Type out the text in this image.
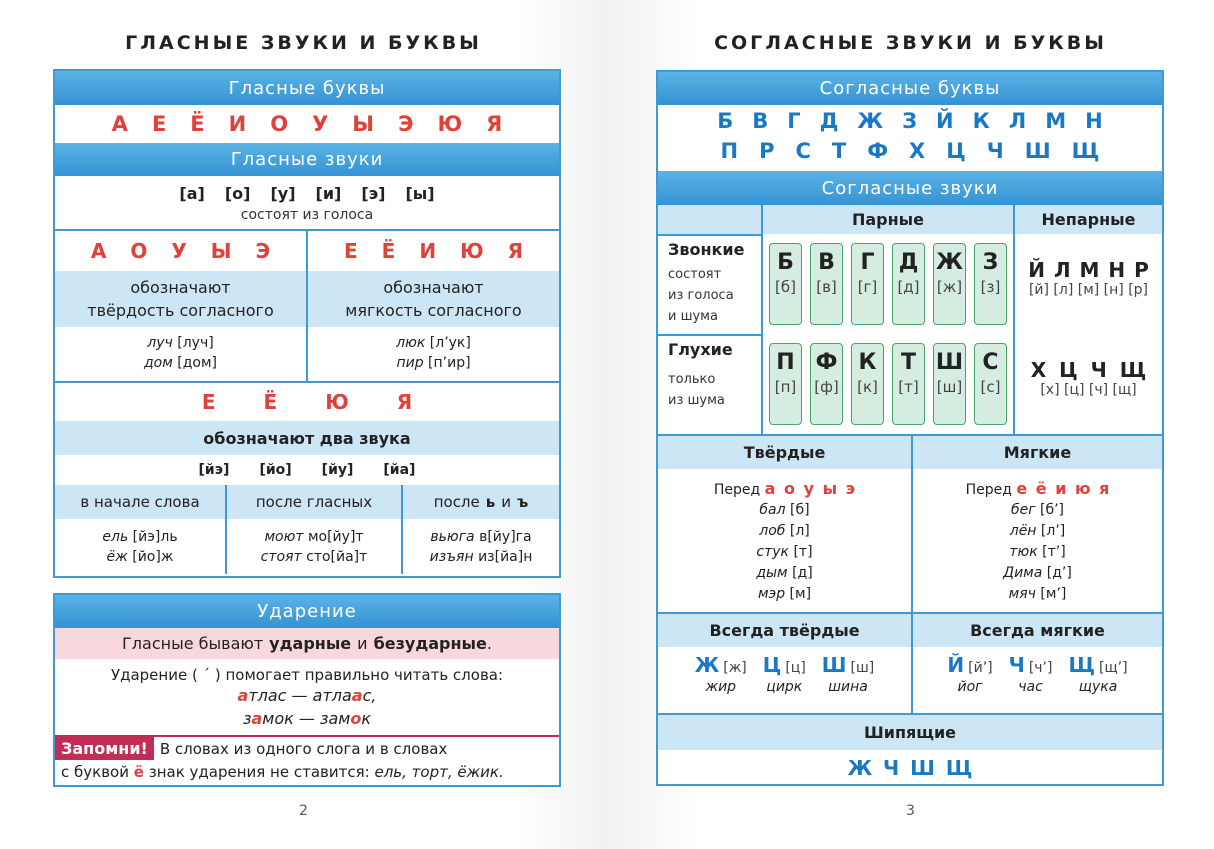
ГЛАСНЫЕ ЗВУКИ И БУКВЫ
Гласные буквы
А Е Ё И О У Ы Э Ю Я
Гласные звуки
[а] [о] [у] [и] [э] [ы]
состоят из голоса
А О У Ы Э
обозначают
твёрдость согласного
луч [луч]
дом [дом]
Е Ё И Ю Я
обозначают
мягкость согласного
люк [л’ук]
пир [п’ир]
Е Ё Ю Я
обозначают два звука
[йэ] [йо] [йу] [йа]
в начале слова
ель [йэ]ль
ёж [йо]ж
после гласных
моют мо[йу]т
стоят сто[йа]т
после ь и ъ
вьюга в[йу]га
изъян из[йа]н
Ударение
Гласные бывают ударные и безударные .
Ударение ( ´ ) помогает правильно читать слова:
атлас — атлаас,
замок — замок
Запомни! В словах из одного слога и в словах
с буквой ё знак ударения не ставится: ель, торт, ёжик.
2
СОГЛАСНЫЕ ЗВУКИ И БУКВЫ
Согласные буквы
Б В Г Д Ж З Й К Л М Н
П Р С Т Ф Х Ц Ч Ш Щ
Согласные звуки
Звонкие
состоят
из голоса
и шума
Глухие
только
из шума
Парные
Б
[б]
В
[в]
Г
[г]
Д
[д]
Ж
[ж]
З
[з]
П
[п]
Ф
[ф]
К
[к]
Т
[т]
Ш
[ш]
С
[с]
Непарные
Й Л М Н Р
[й] [л] [м] [н] [р]
Х Ц Ч Щ
[х] [ц] [ч] [щ]
Твёрдые
Перед а о у ы э
бал [б]
лоб [л]
стук [т]
дым [д]
мэр [м]
Всегда твёрдые
Ж [ж]
жир
Ц [ц]
цирк
Ш [ш]
шина
Мягкие
Перед е ё и ю я
бег [б’]
лён [л’]
тюк [т’]
Дима [д’]
мяч [м’]
Всегда мягкие
Й [й’]
йог
Ч [ч’]
час
Щ [щ’]
щука
Шипящие
Ж Ч Ш Щ
3
